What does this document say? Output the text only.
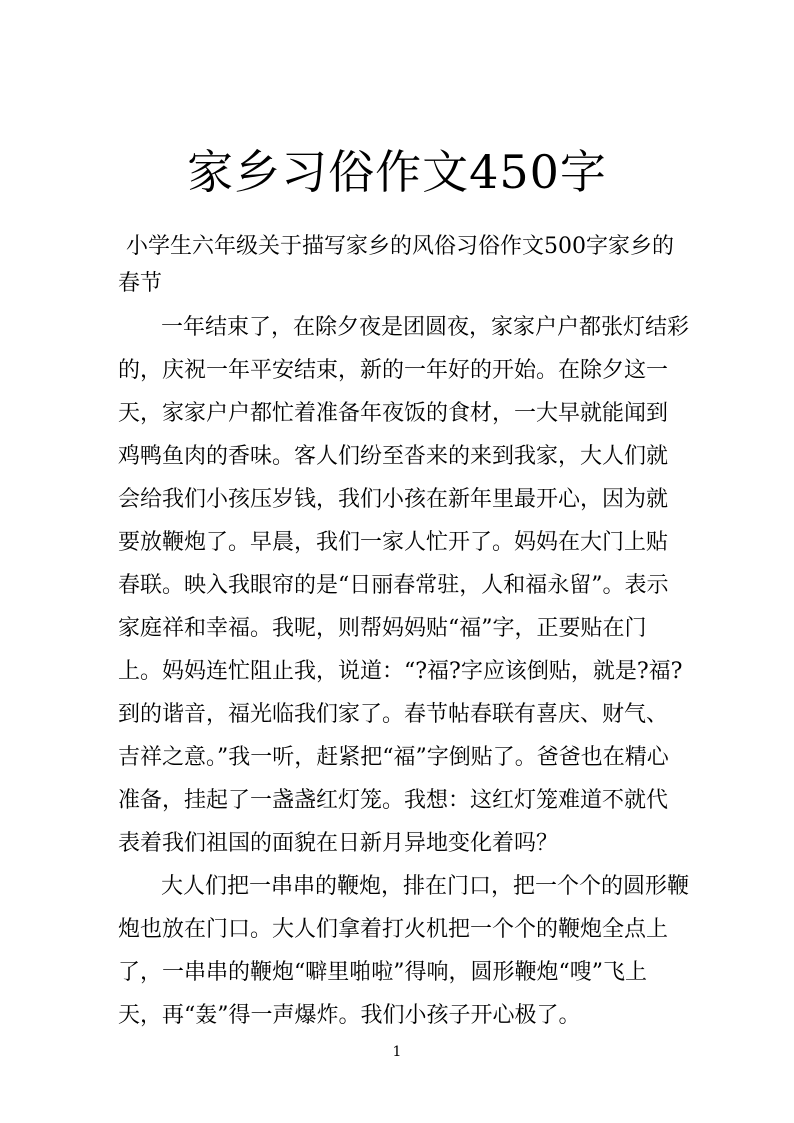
家乡习俗作文450字
小学生六年级关于描写家乡的风俗习俗作文500字家乡的
春节
一年结束了，在除夕夜是团圆夜，家家户户都张灯结彩
的，庆祝一年平安结束，新的一年好的开始。在除夕这一
天，家家户户都忙着准备年夜饭的食材，一大早就能闻到
鸡鸭鱼肉的香味。客人们纷至沓来的来到我家，大人们就
会给我们小孩压岁钱，我们小孩在新年里最开心，因为就
要放鞭炮了。早晨，我们一家人忙开了。妈妈在大门上贴
春联。映入我眼帘的是“日丽春常驻，人和福永留”。表示
家庭祥和幸福。我呢，则帮妈妈贴“福”字，正要贴在门
上。妈妈连忙阻止我，说道：“?福?字应该倒贴，就是?福?
到的谐音，福光临我们家了。春节帖春联有喜庆、财气、
吉祥之意。”我一听，赶紧把“福”字倒贴了。爸爸也在精心
准备，挂起了一盏盏红灯笼。我想：这红灯笼难道不就代
表着我们祖国的面貌在日新月异地变化着吗？
大人们把一串串的鞭炮，排在门口，把一个个的圆形鞭
炮也放在门口。大人们拿着打火机把一个个的鞭炮全点上
了，一串串的鞭炮“噼里啪啦”得响，圆形鞭炮“嗖”飞上
天，再“轰”得一声爆炸。我们小孩子开心极了。
1
